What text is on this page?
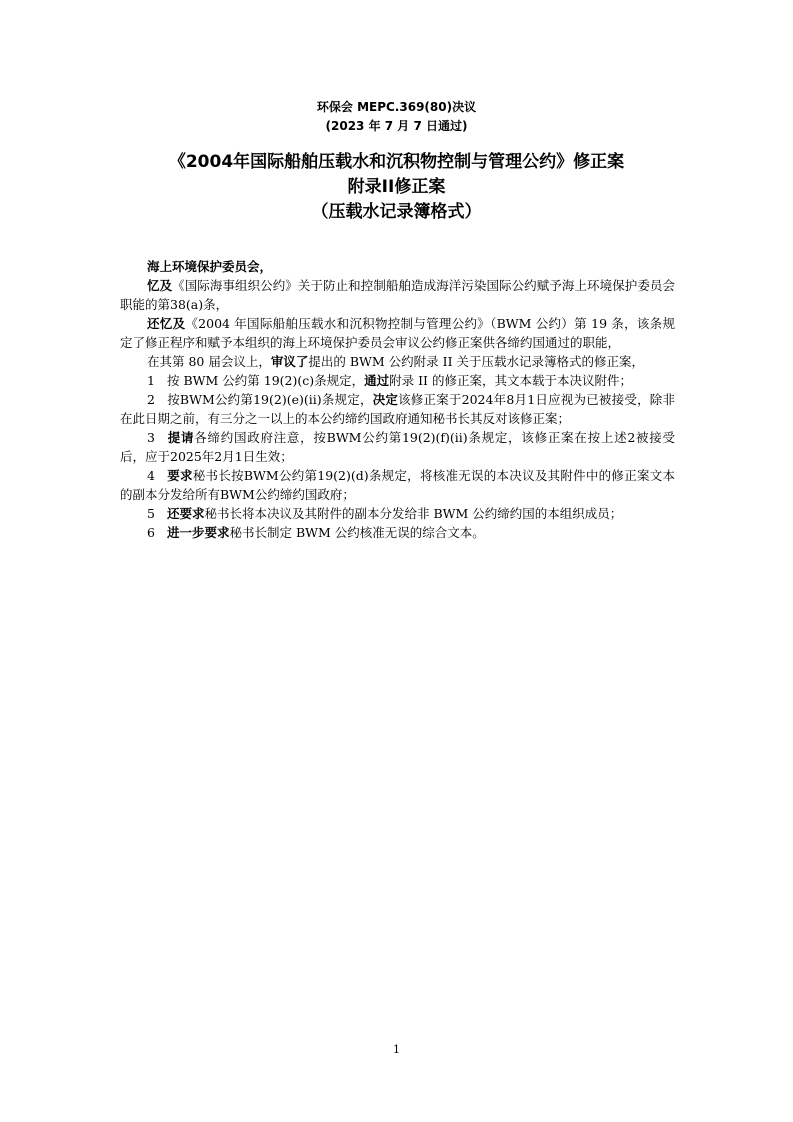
环保会 MEPC.369(80)决议
(2023 年 7 月 7 日通过)
《2004年国际船舶压载水和沉积物控制与管理公约》修正案
附录II修正案
（压载水记录簿格式）

海上环境保护委员会，

忆及《国际海事组织公约》关于防止和控制船舶造成海洋污染国际公约赋予海上环境保护委员会职能的第38(a)条，

还忆及《2004 年国际船舶压载水和沉积物控制与管理公约》（BWM 公约）第 19 条，该条规定了修正程序和赋予本组织的海上环境保护委员会审议公约修正案供各缔约国通过的职能，

在其第 80 届会议上，审议了提出的 BWM 公约附录 II 关于压载水记录簿格式的修正案，

1 按 BWM 公约第 19(2)(c)条规定，通过附录 II 的修正案，其文本载于本决议附件；

2 按BWM公约第19(2)(e)(ii)条规定，决定该修正案于2024年8月1日应视为已被接受，除非在此日期之前，有三分之一以上的本公约缔约国政府通知秘书长其反对该修正案；

3 提请各缔约国政府注意，按BWM公约第19(2)(f)(ii)条规定，该修正案在按上述2被接受后，应于2025年2月1日生效；

4 要求秘书长按BWM公约第19(2)(d)条规定，将核准无误的本决议及其附件中的修正案文本的副本分发给所有BWM公约缔约国政府；

5 还要求秘书长将本决议及其附件的副本分发给非 BWM 公约缔约国的本组织成员；

6 进一步要求秘书长制定 BWM 公约核准无误的综合文本。

1
